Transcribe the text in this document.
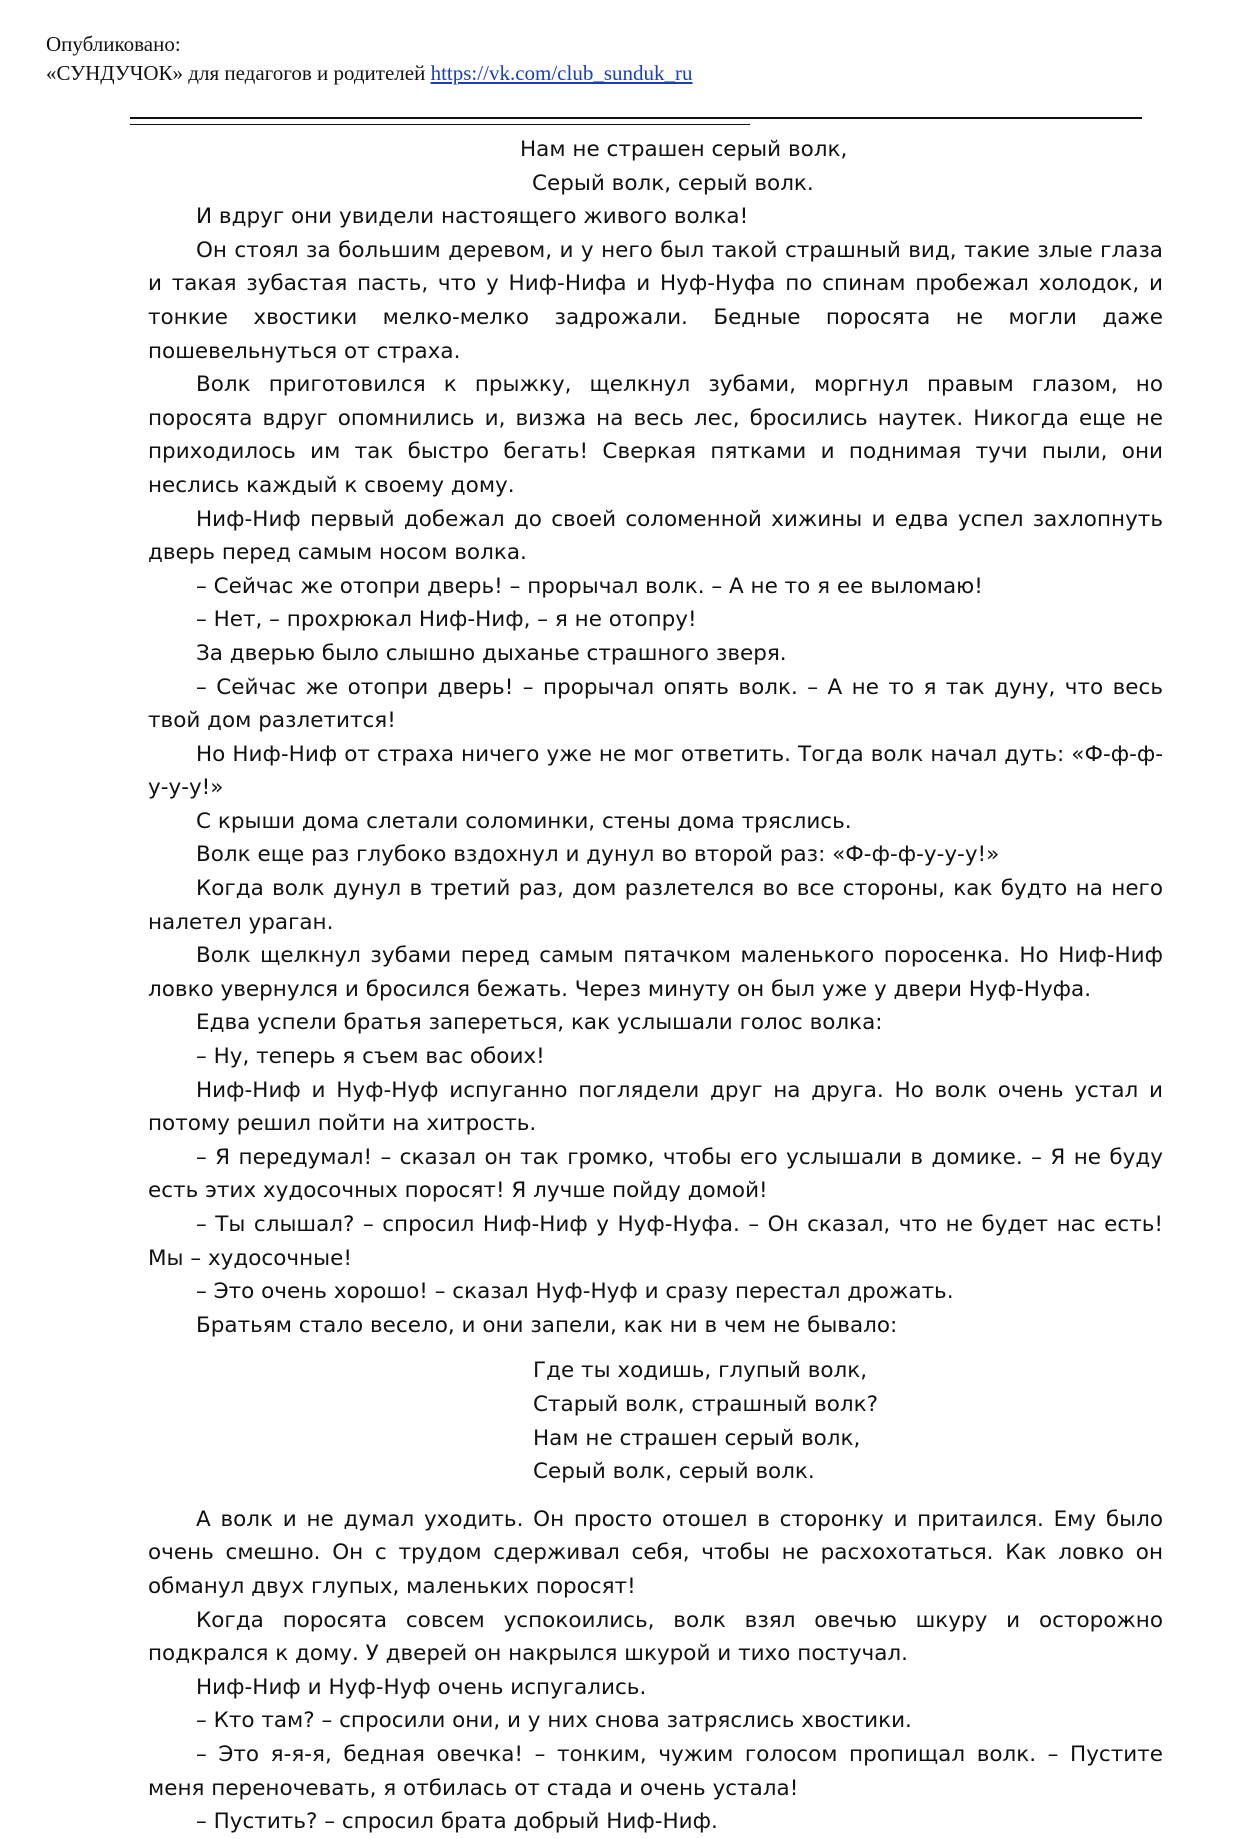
Опубликовано:
«СУНДУЧОК» для педагогов и родителей https://vk.com/club_sunduk_ru

Нам не страшен серый волк,

Серый волк, серый волк.

И вдруг они увидели настоящего живого волка!

Он стоял за большим деревом, и у него был такой страшный вид, такие злые глаза и такая зубастая пасть, что у Ниф-Нифа и Нуф-Нуфа по спинам пробежал холодок, и тонкие хвостики мелко-мелко задрожали. Бедные поросята не могли даже пошевельнуться от страха.

Волк приготовился к прыжку, щелкнул зубами, моргнул правым глазом, но поросята вдруг опомнились и, визжа на весь лес, бросились наутек. Никогда еще не приходилось им так быстро бегать! Сверкая пятками и поднимая тучи пыли, они неслись каждый к своему дому.

Ниф-Ниф первый добежал до своей соломенной хижины и едва успел захлопнуть дверь перед самым носом волка.

– Сейчас же отопри дверь! – прорычал волк. – А не то я ее выломаю!

– Нет, – прохрюкал Ниф-Ниф, – я не отопру!

За дверью было слышно дыханье страшного зверя.

– Сейчас же отопри дверь! – прорычал опять волк. – А не то я так дуну, что весь твой дом разлетится!

Но Ниф-Ниф от страха ничего уже не мог ответить. Тогда волк начал дуть: «Ф-ф-ф-у-у-у!»

С крыши дома слетали соломинки, стены дома тряслись.

Волк еще раз глубоко вздохнул и дунул во второй раз: «Ф-ф-ф-у-у-у!»

Когда волк дунул в третий раз, дом разлетелся во все стороны, как будто на него налетел ураган.

Волк щелкнул зубами перед самым пятачком маленького поросенка. Но Ниф-Ниф ловко увернулся и бросился бежать. Через минуту он был уже у двери Нуф-Нуфа.

Едва успели братья запереться, как услышали голос волка:

– Ну, теперь я съем вас обоих!

Ниф-Ниф и Нуф-Нуф испуганно поглядели друг на друга. Но волк очень устал и потому решил пойти на хитрость.

– Я передумал! – сказал он так громко, чтобы его услышали в домике. – Я не буду есть этих худосочных поросят! Я лучше пойду домой!

– Ты слышал? – спросил Ниф-Ниф у Нуф-Нуфа. – Он сказал, что не будет нас есть! Мы – худосочные!

– Это очень хорошо! – сказал Нуф-Нуф и сразу перестал дрожать.

Братьям стало весело, и они запели, как ни в чем не бывало:

Где ты ходишь, глупый волк,

Старый волк, страшный волк?

Нам не страшен серый волк,

Серый волк, серый волк.

А волк и не думал уходить. Он просто отошел в сторонку и притаился. Ему было очень смешно. Он с трудом сдерживал себя, чтобы не расхохотаться. Как ловко он обманул двух глупых, маленьких поросят!

Когда поросята совсем успокоились, волк взял овечью шкуру и осторожно подкрался к дому. У дверей он накрылся шкурой и тихо постучал.

Ниф-Ниф и Нуф-Нуф очень испугались.

– Кто там? – спросили они, и у них снова затряслись хвостики.

– Это я-я-я, бедная овечка! – тонким, чужим голосом пропищал волк. – Пустите меня переночевать, я отбилась от стада и очень устала!

– Пустить? – спросил брата добрый Ниф-Ниф.
